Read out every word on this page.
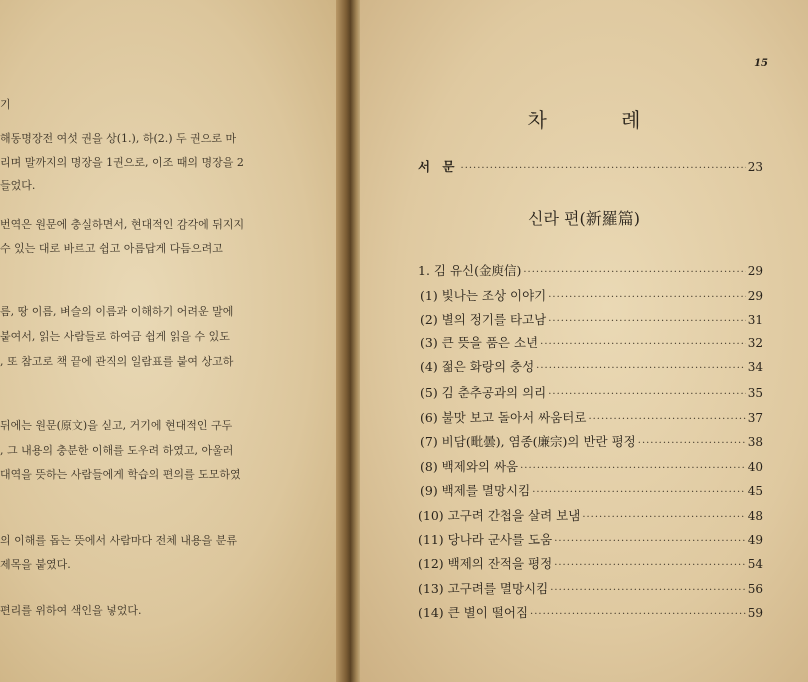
기
해동명장전 여섯 권을 상(1.), 하(2.) 두 권으로 마
리며 말까지의 명장을 1권으로, 이조 때의 명장을 2
들었다.
번역은 원문에 충실하면서, 현대적인 감각에 뒤지지
수 있는 대로 바르고 쉽고 아름답게 다듬으려고
름, 땅 이름, 벼슬의 이름과 이해하기 어려운 말에
붙여서, 읽는 사람들로 하여금 쉽게 읽을 수 있도
, 또 참고로 책 끝에 관직의 일람표를 붙여 상고하
뒤에는 원문(原文)을 싣고, 거기에 현대적인 구두
, 그 내용의 충분한 이해를 도우려 하였고, 아울러
대역을 뜻하는 사람들에게 학습의 편의를 도모하였
의 이해를 돕는 뜻에서 사람마다 전체 내용을 분류
제목을 붙였다.
편리를 위하여 색인을 넣었다.
15
차 례
서 문 ·····	23
신라 편(新羅篇)
1. 김 유신(金庾信) ·····	29
(1) 빛나는 조상 이야기 ·····	29
(2) 별의 정기를 타고남 ·····	31
(3) 큰 뜻을 품은 소년 ·····	32
(4) 젊은 화랑의 충성 ·····	34
(5) 김 춘추공과의 의리 ·····	35
(6) 불맛 보고 돌아서 싸움터로 ·····	37
(7) 비담(毗曇), 염종(廉宗)의 반란 평정 ·····	38
(8) 백제와의 싸움 ·····	40
(9) 백제를 멸망시킴 ·····	45
(10) 고구려 간첩을 살려 보냄 ·····	48
(11) 당나라 군사를 도움 ·····	49
(12) 백제의 잔적을 평정 ·····	54
(13) 고구려를 멸망시킴 ·····	56
(14) 큰 별이 떨어짐 ·····	59
